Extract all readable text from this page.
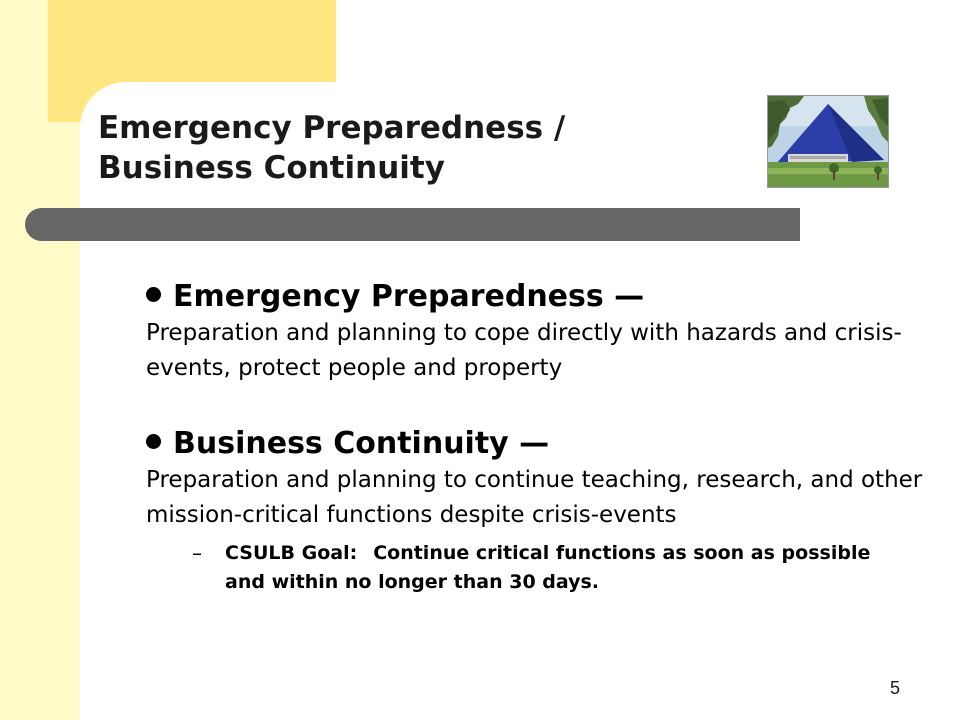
Emergency Preparedness /
Business Continuity
Emergency Preparedness —
Preparation and planning to cope directly with hazards and crisis-events, protect people and property
Business Continuity —
Preparation and planning to continue teaching, research, and other mission-critical functions despite crisis-events
– CSULB Goal: Continue critical functions as soon as possible and within no longer than 30 days.
5
